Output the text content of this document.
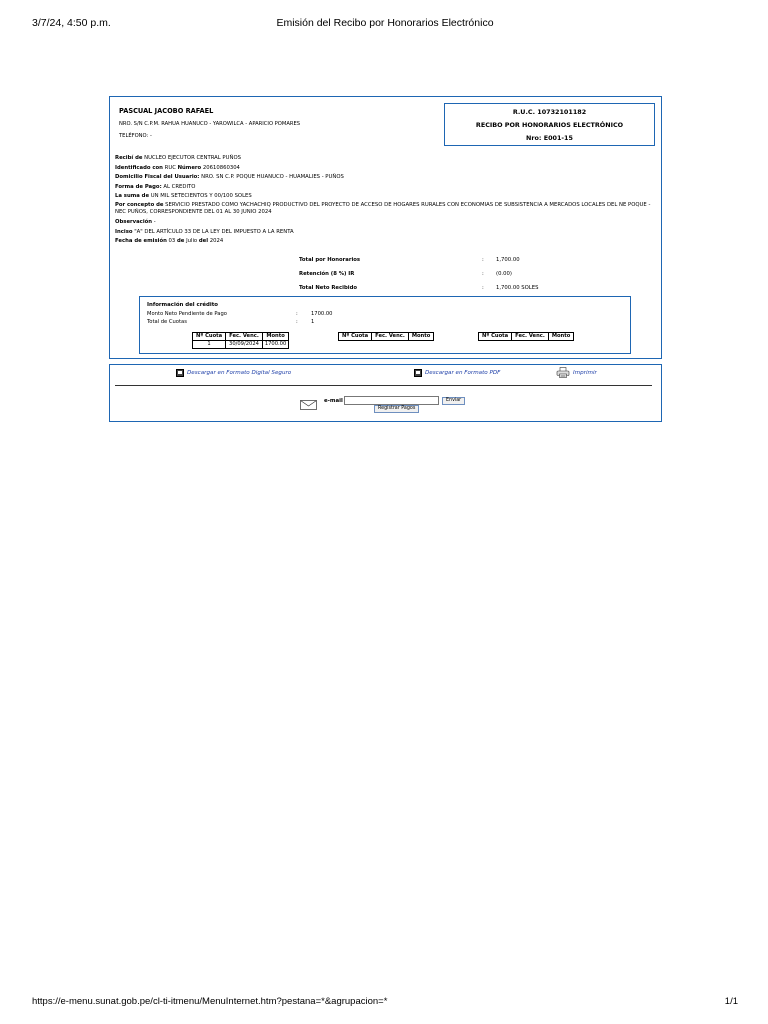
3/7/24, 4:50 p.m.	Emisión del Recibo por Honorarios Electrónico
PASCUAL JACOBO RAFAEL
NRO. S/N C.P.M. RAHUA HUANUCO - YAROWILCA - APARICIO POMARES
TELÉFONO: -
R.U.C. 10732101182
RECIBO POR HONORARIOS ELECTRÓNICO
Nro: E001-15
Recibí de NUCLEO EJECUTOR CENTRAL PUÑOS
Identificado con RUC Número 20610860304
Domicilio Fiscal del Usuario: NRO. SN C.P. POQUE HUANUCO - HUAMALIES - PUÑOS
Forma de Pago: AL CREDITO
La suma de UN MIL SETECIENTOS Y 00/100 SOLES
Por concepto de SERVICIO PRESTADO COMO YACHACHIQ PRODUCTIVO DEL PROYECTO DE ACCESO DE HOGARES RURALES CON ECONOMIAS DE SUBSISTENCIA A MERCADOS LOCALES DEL NE POQUE - NEC PUÑOS, CORRESPONDIENTE DEL 01 AL 30 JUNIO 2024
Observación -
Inciso "A" DEL ARTÍCULO 33 DE LA LEY DEL IMPUESTO A LA RENTA
Fecha de emisión 03 de Julio del 2024
Total por Honorarios	: 1,700.00
Retención (8 %) IR	: (0.00)
Total Neto Recibido	: 1,700.00 SOLES
Información del crédito
Monto Neto Pendiente de Pago	:	1700.00
Total de Cuotas	:	1
Nº Cuota	Fec. Venc.	Monto
1	30/09/2024	1700.00
Nº Cuota	Fec. Venc.	Monto	Nº Cuota	Fec. Venc.	Monto
Descargar en Formato Digital Seguro	Descargar en Formato PDF	Imprimir
e-mail	Enviar
Registrar Pagos
https://e-menu.sunat.gob.pe/cl-ti-itmenu/MenuInternet.htm?pestana=*&agrupacion=*	1/1
